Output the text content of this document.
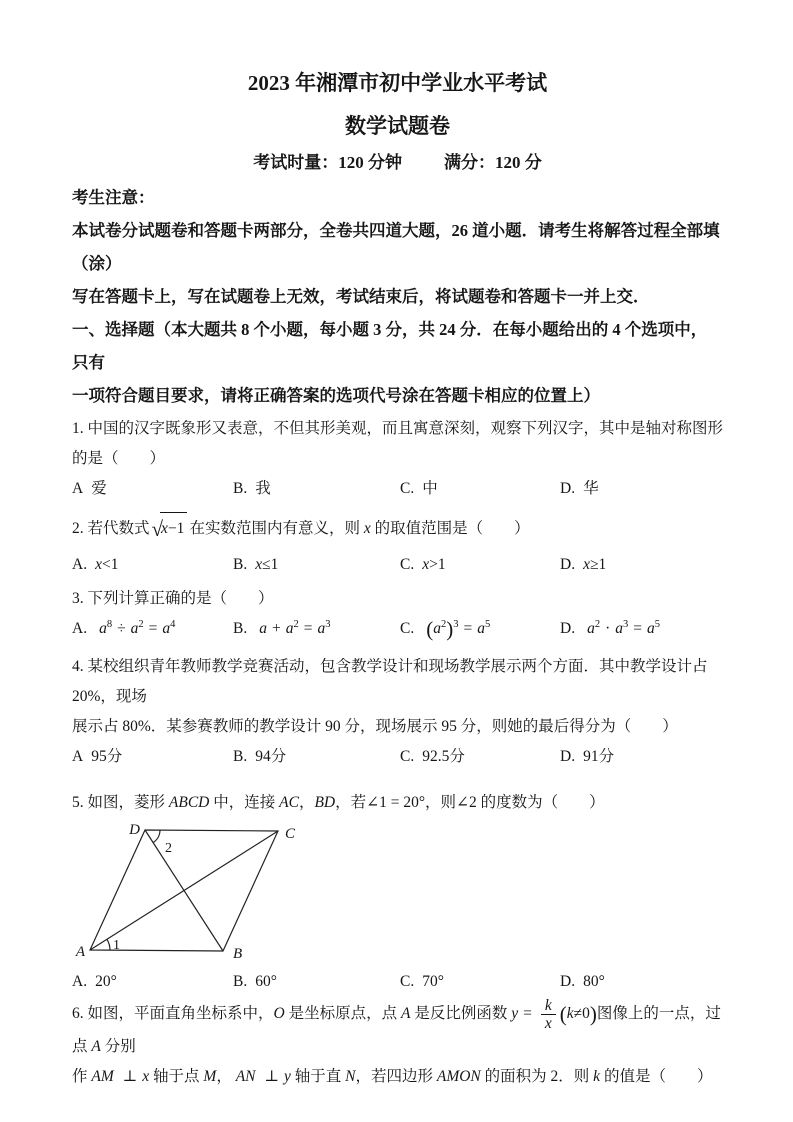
2023 年湘潭市初中学业水平考试
数学试题卷
考试时量：120 分钟 满分：120 分
考生注意：
本试卷分试题卷和答题卡两部分，全卷共四道大题，26 道小题．请考生将解答过程全部填（涂）
写在答题卡上，写在试题卷上无效，考试结束后，将试题卷和答题卡一并上交．
一、选择题（本大题共 8 个小题，每小题 3 分，共 24 分．在每小题给出的 4 个选项中，只有
一项符合题目要求，请将正确答案的选项代号涂在答题卡相应的位置上）
1. 中国的汉字既象形又表意，不但其形美观，而且寓意深刻，观察下列汉字，其中是轴对称图形的是（　　）
A 爱	B. 我	C. 中	D. 华
2. 若代数式√x−1 在实数范围内有意义，则 x 的取值范围是（　　）
A. x<1	B. x≤1	C. x>1	D. x≥1
3. 下列计算正确的是（　　）
A. $a^8 \div a^2 = a^4$	B. $a + a^2 = a^3$	C. $(a^2)^3 = a^5$	D. $a^2 \cdot a^3 = a^5$
4. 某校组织青年教师教学竞赛活动，包含教学设计和现场教学展示两个方面．其中教学设计占 20%，现场
展示占 80%．某参赛教师的教学设计 90 分，现场展示 95 分，则她的最后得分为（　　）
A 95分	B. 94分	C. 92.5分	D. 91分
5. 如图，菱形 ABCD 中，连接 AC，BD，若∠1 = 20°，则∠2 的度数为（　　）
D	C
A	B
2
1
A. 20°	B. 60°	C. 70°	D. 80°
6. 如图，平面直角坐标系中，O 是坐标原点，点 A 是反比例函数 $y = \frac{k}{x} (k\ne 0)$图像上的一点，过点 A 分别
作 AM ⊥ x 轴于点 M， AN ⊥ y 轴于直 N，若四边形 AMON 的面积为 2．则 k 的值是（　　）
